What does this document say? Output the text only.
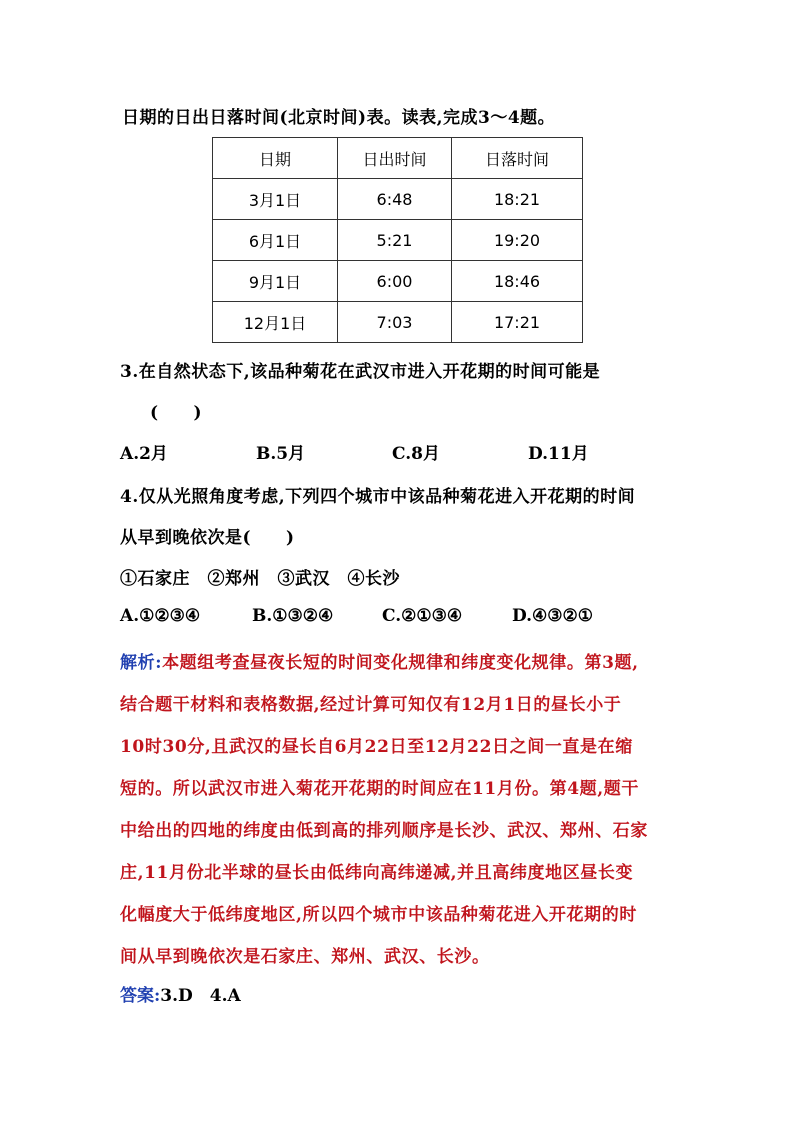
日期的日出日落时间(北京时间)表。读表,完成3～4题。
日期	日出时间	日落时间
3月1日	6:48	18:21
6月1日	5:21	19:20
9月1日	6:00	18:46
12月1日	7:03	17:21
3.在自然状态下,该品种菊花在武汉市进入开花期的时间可能是
(　　)
A.2月	B.5月	C.8月	D.11月
4.仅从光照角度考虑,下列四个城市中该品种菊花进入开花期的时间
从早到晚依次是(　　)
①石家庄　②郑州　③武汉　④长沙
A.①②③④	B.①③②④	C.②①③④	D.④③②①
解析:本题组考查昼夜长短的时间变化规律和纬度变化规律。第3题,
结合题干材料和表格数据,经过计算可知仅有12月1日的昼长小于
10时30分,且武汉的昼长自6月22日至12月22日之间一直是在缩
短的。所以武汉市进入菊花开花期的时间应在11月份。第4题,题干
中给出的四地的纬度由低到高的排列顺序是长沙、武汉、郑州、石家
庄,11月份北半球的昼长由低纬向高纬递减,并且高纬度地区昼长变
化幅度大于低纬度地区,所以四个城市中该品种菊花进入开花期的时
间从早到晚依次是石家庄、郑州、武汉、长沙。
答案:3.D　4.A
